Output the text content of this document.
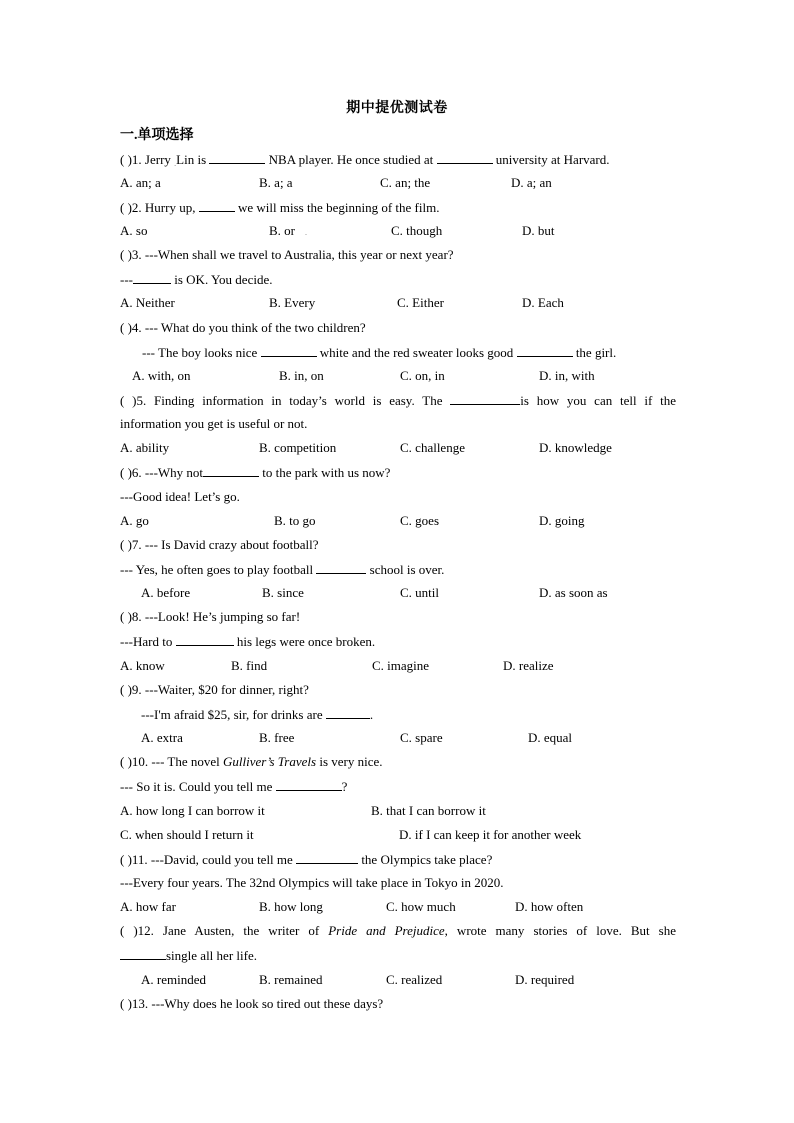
期中提优测试卷
一.单项选择
( )1. Jerry .Lin is	NBA player. He once studied at	university at Harvard.
A. an; a	B. a; a	C. an; the	D. a; an
( )2. Hurry up,	we will miss the beginning of the film.
A. so	B. or .	C. though	D. but
( )3. ---When shall we travel to Australia, this year or next year?
---	is OK. You decide.
A. Neither	B. Every	C. Either	D. Each
( )4. --- What do you think of the two children?
--- The boy looks nice	white and the red sweater looks good	the girl.
A. with, on	B. in, on	C. on, in	D. in, with
( )5. Finding information in today’s world is easy. The	is how you can tell if the
information you get is useful or not.
A. ability	B. competition	C. challenge	D. knowledge
( )6. ---Why not	to the park with us now?
---Good idea! Let’s go.
A. go	B. to go	C. goes	D. going
( )7. --- Is David crazy about football?
--- Yes, he often goes to play football	school is over.
A. before	B. since	C. until	D. as soon as
( )8. ---Look! He’s jumping so far!
---Hard to	his legs were once broken.
A. know	B. find	C. imagine	D. realize
( )9. ---Waiter, $20 for dinner, right?
---I'm afraid $25, sir, for drinks are	.
A. extra	B. free	C. spare	D. equal
( )10. --- The novel Gulliver’s Travels is very nice.
--- So it is. Could you tell me	?
A. how long I can borrow it	B. that I can borrow it
C. when should I return it	D. if I can keep it for another week
( )11. ---David, could you tell me	the Olympics take place?
---Every four years. The 32nd Olympics will take place in Tokyo in 2020.
A. how far	B. how long	C. how much	D. how often
( )12. Jane Austen, the writer of Pride and Prejudice, wrote many stories of love. But she
single all her life.
A. reminded	B. remained	C. realized	D. required
( )13. ---Why does he look so tired out these days?
